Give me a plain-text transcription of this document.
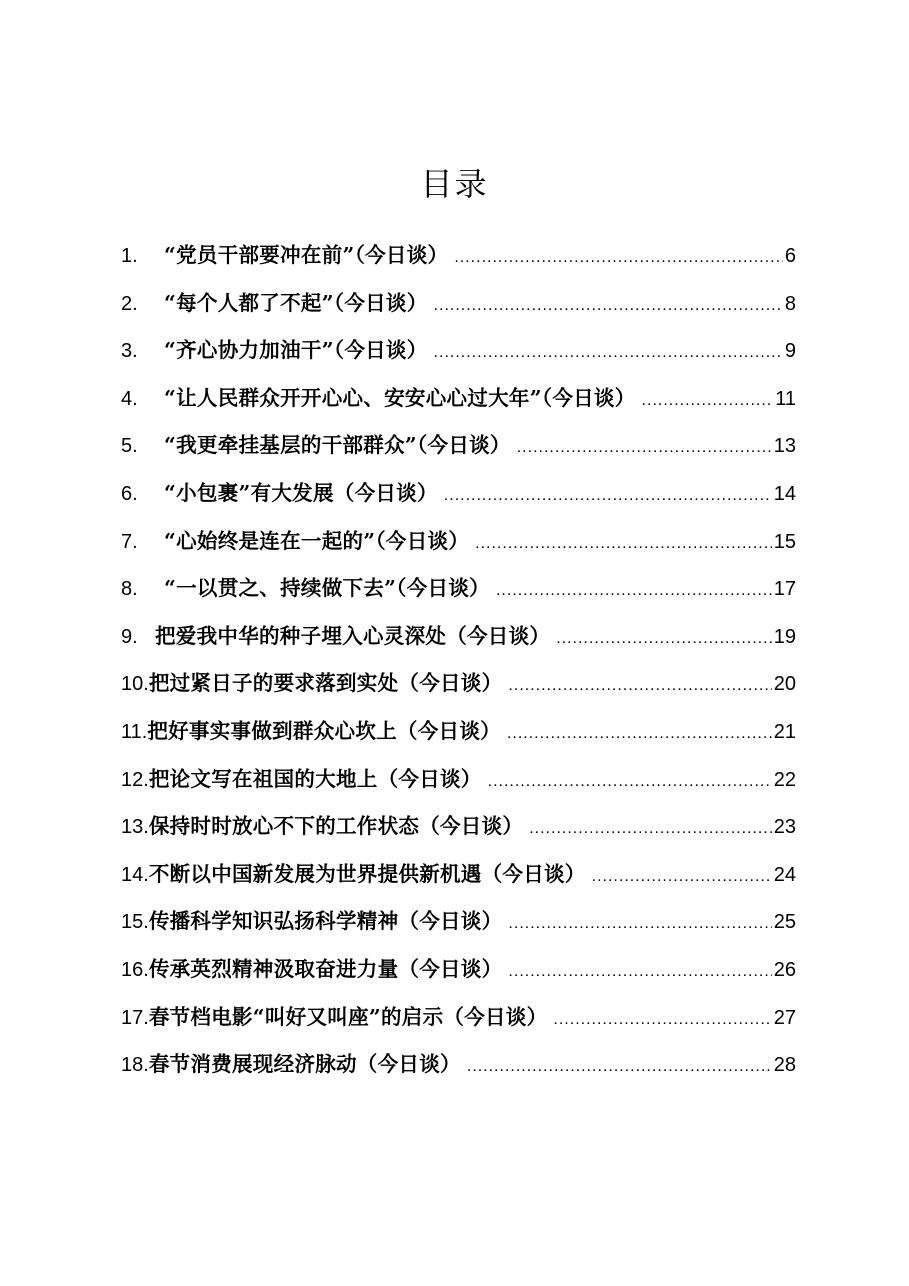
目录
1.	“党员干部要冲在前”（今日谈） .....	6
2.	“每个人都了不起”（今日谈） .....	8
3.	“齐心协力加油干”（今日谈） .....	9
4.	“让人民群众开开心心、安安心心过大年”（今日谈） .....	11
5.	“我更牵挂基层的干部群众”（今日谈） .....	13
6.	“小包裹”有大发展（今日谈） .....	14
7.	“心始终是连在一起的”（今日谈） .....	15
8.	“一以贯之、持续做下去”（今日谈） .....	17
9. 把爱我中华的种子埋入心灵深处（今日谈） .....	19
10. 把过紧日子的要求落到实处（今日谈） .....	20
11. 把好事实事做到群众心坎上（今日谈） .....	21
12. 把论文写在祖国的大地上（今日谈） .....	22
13. 保持时时放心不下的工作状态（今日谈） .....	23
14. 不断以中国新发展为世界提供新机遇（今日谈） .....	24
15. 传播科学知识弘扬科学精神（今日谈） .....	25
16. 传承英烈精神汲取奋进力量（今日谈） .....	26
17. 春节档电影“叫好又叫座”的启示（今日谈） .....	27
18. 春节消费展现经济脉动（今日谈） .....	28
